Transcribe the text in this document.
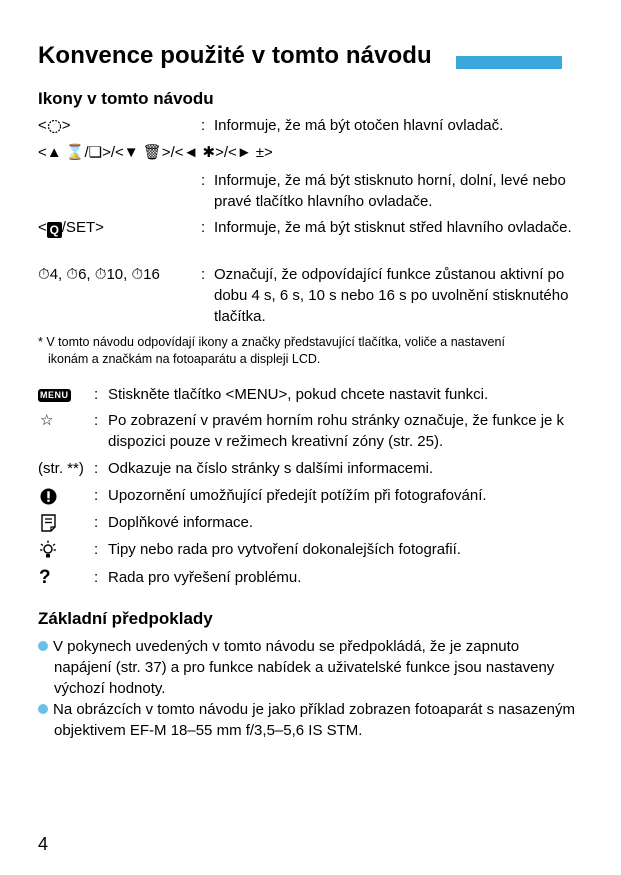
Konvence použité v tomto návodu
Ikony v tomto návodu
< >	: Informuje, že má být otočen hlavní ovladač.
<▲ ⌛/❏>/<▼ 🗑>/<◄ ✱>/<► ±>
: Informuje, že má být stisknuto horní, dolní, levé nebo pravé tlačítko hlavního ovladače.
< Q /SET>	: Informuje, že má být stisknut střed hlavního ovladače.
⏱4, ⏱6, ⏱10, ⏱16	: Označují, že odpovídající funkce zůstanou aktivní po dobu 4 s, 6 s, 10 s nebo 16 s po uvolnění stisknutého tlačítka.
* V tomto návodu odpovídají ikony a značky představující tlačítka, voliče a nastavení ikonám a značkám na fotoaparátu a displeji LCD.
MENU : Stiskněte tlačítko <MENU>, pokud chcete nastavit funkci.
☆	: Po zobrazení v pravém horním rohu stránky označuje, že funkce je k dispozici pouze v režimech kreativní zóny (str. 25).
(str. **) : Odkazuje na číslo stránky s dalšími informacemi.
: Upozornění umožňující předejít potížím při fotografování.
: Doplňkové informace.
: Tipy nebo rada pro vytvoření dokonalejších fotografií.
?	: Rada pro vyřešení problému.
Základní předpoklady
V pokynech uvedených v tomto návodu se předpokládá, že je zapnuto napájení (str. 37) a pro funkce nabídek a uživatelské funkce jsou nastaveny výchozí hodnoty.
Na obrázcích v tomto návodu je jako příklad zobrazen fotoaparát s nasazeným objektivem EF-M 18–55 mm f/3,5–5,6 IS STM.
4
